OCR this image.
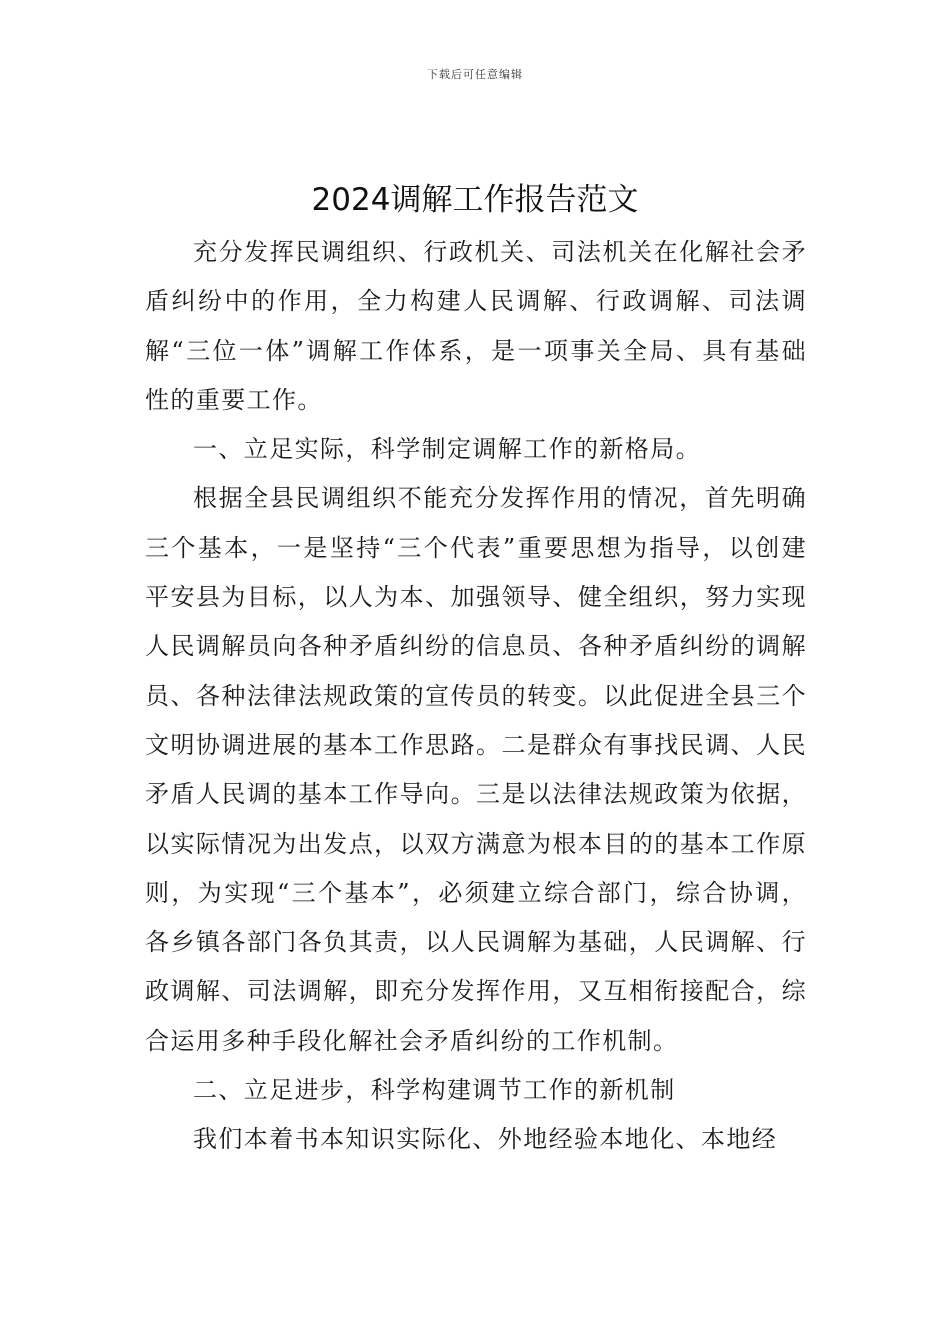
下载后可任意编辑
2024调解工作报告范文

充分发挥民调组织、行政机关、司法机关在化解社会矛盾纠纷中的作用，全力构建人民调解、行政调解、司法调解“三位一体”调解工作体系，是一项事关全局、具有基础性的重要工作。

一、立足实际，科学制定调解工作的新格局。

根据全县民调组织不能充分发挥作用的情况，首先明确三个基本，一是坚持“三个代表”重要思想为指导，以创建平安县为目标，以人为本、加强领导、健全组织，努力实现人民调解员向各种矛盾纠纷的信息员、各种矛盾纠纷的调解员、各种法律法规政策的宣传员的转变。以此促进全县三个文明协调进展的基本工作思路。二是群众有事找民调、人民矛盾人民调的基本工作导向。三是以法律法规政策为依据，以实际情况为出发点，以双方满意为根本目的的基本工作原则，为实现“三个基本”，必须建立综合部门，综合协调，各乡镇各部门各负其责，以人民调解为基础，人民调解、行政调解、司法调解，即充分发挥作用，又互相衔接配合，综合运用多种手段化解社会矛盾纠纷的工作机制。

二、立足进步，科学构建调节工作的新机制

我们本着书本知识实际化、外地经验本地化、本地经
